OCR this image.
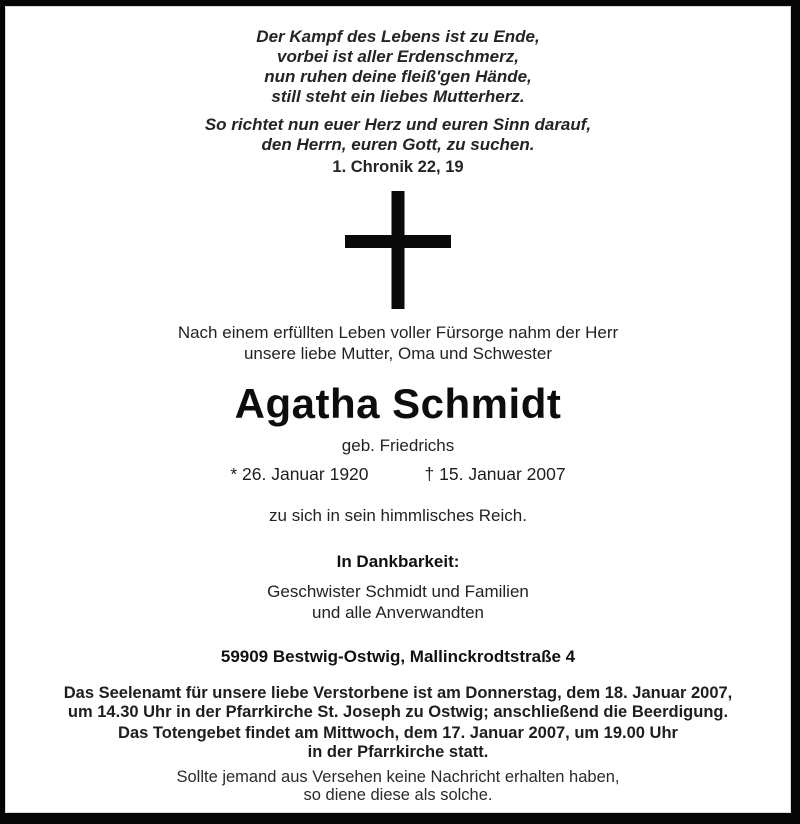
Der Kampf des Lebens ist zu Ende,
vorbei ist aller Erdenschmerz,
nun ruhen deine fleiß'gen Hände,
still steht ein liebes Mutterherz.
So richtet nun euer Herz und euren Sinn darauf,
den Herrn, euren Gott, zu suchen.
1. Chronik 22, 19
Nach einem erfüllten Leben voller Fürsorge nahm der Herr
unsere liebe Mutter, Oma und Schwester
Agatha Schmidt
geb. Friedrichs
* 26. Januar 1920	† 15. Januar 2007
zu sich in sein himmlisches Reich.
In Dankbarkeit:
Geschwister Schmidt und Familien
und alle Anverwandten
59909 Bestwig-Ostwig, Mallinckrodtstraße 4
Das Seelenamt für unsere liebe Verstorbene ist am Donnerstag, dem 18. Januar 2007,
um 14.30 Uhr in der Pfarrkirche St. Joseph zu Ostwig; anschließend die Beerdigung.
Das Totengebet findet am Mittwoch, dem 17. Januar 2007, um 19.00 Uhr
in der Pfarrkirche statt.
Sollte jemand aus Versehen keine Nachricht erhalten haben,
so diene diese als solche.
